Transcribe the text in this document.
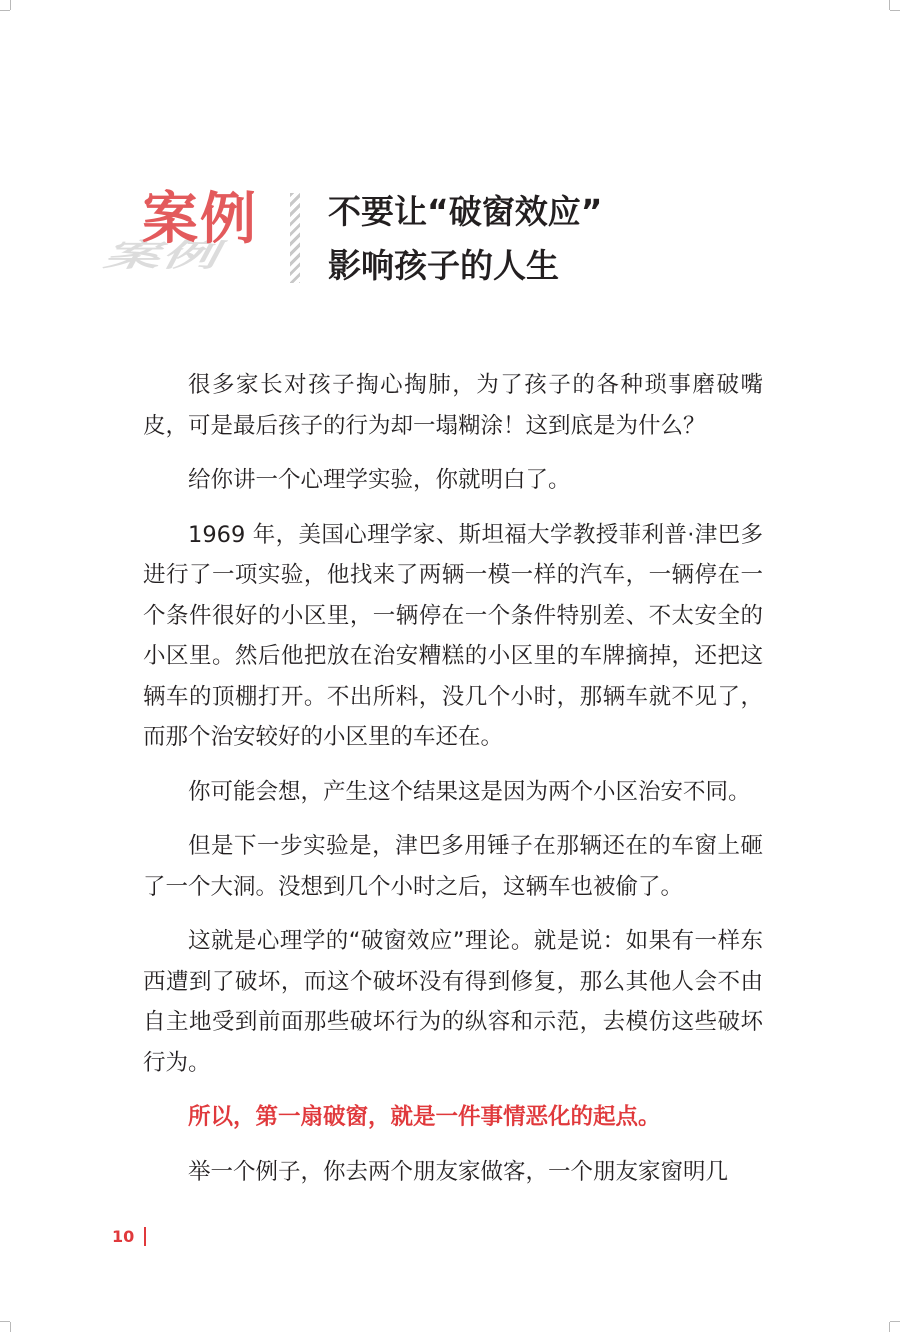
案例
案例 不要让“破窗效应”
影响孩子的人生

很多家长对孩子掏心掏肺，为了孩子的各种琐事磨破嘴皮，可是最后孩子的行为却一塌糊涂！这到底是为什么？

给你讲一个心理学实验，你就明白了。

1969 年，美国心理学家、斯坦福大学教授菲利普·津巴多进行了一项实验，他找来了两辆一模一样的汽车，一辆停在一个条件很好的小区里，一辆停在一个条件特别差、不太安全的小区里。然后他把放在治安糟糕的小区里的车牌摘掉，还把这辆车的顶棚打开。不出所料，没几个小时，那辆车就不见了，而那个治安较好的小区里的车还在。

你可能会想，产生这个结果这是因为两个小区治安不同。

但是下一步实验是，津巴多用锤子在那辆还在的车窗上砸了一个大洞。没想到几个小时之后，这辆车也被偷了。

这就是心理学的“破窗效应”理论。就是说：如果有一样东西遭到了破坏，而这个破坏没有得到修复，那么其他人会不由自主地受到前面那些破坏行为的纵容和示范，去模仿这些破坏行为。

所以，第一扇破窗，就是一件事情恶化的起点。

举一个例子，你去两个朋友家做客，一个朋友家窗明几

10
